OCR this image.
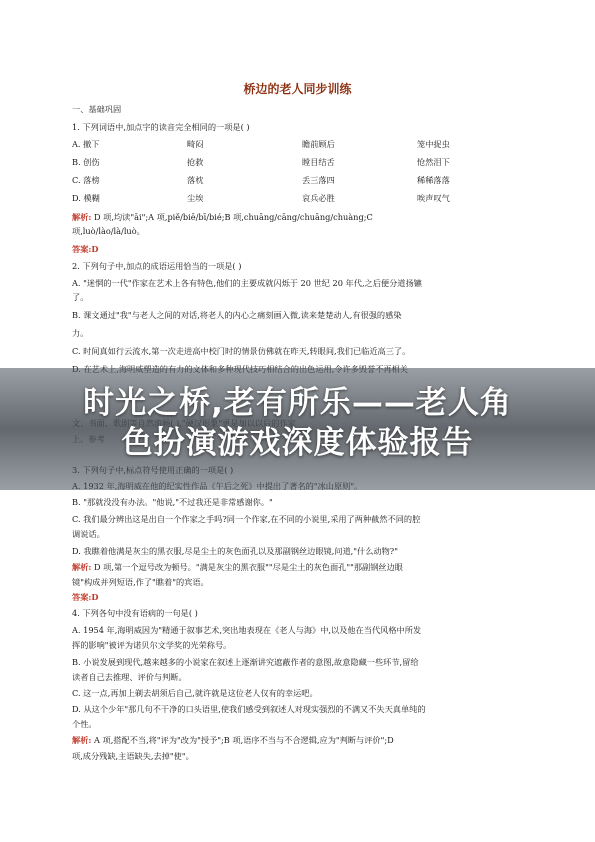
桥边的老人同步训练
一、基础巩固
1. 下列词语中,加点字的读音完全相同的一项是( )
A. 撤下	畸闷	瞻前顾后	笼中捉虫
B. 创伤	抢救	瞠目结舌	怆然泪下
C. 落榜	落枕	丢三落四	稀稀落落
D. 模糊	尘埃	哀兵必胜	唉声叹气
解析: D 项,均读"āi";A 项,piě/biē/bī/bié;B 项,chuāng/cāng/chuāng/chuàng;C
项,luò/lào/là/luò。
答案:D
2. 下列句子中,加点的成语运用恰当的一项是( )
A. "迷惘的一代"作家在艺术上各有特色,他们的主要成就闪烁于 20 世纪 20 年代,之后便分道扬镳
了。
B. 课文通过"我"与老人之间的对话,将老人的内心之痛刻画入微,读来楚楚动人,有很强的感染
力。
C. 时间真如行云流水,第一次走进高中校门时的情景仿佛就在昨天,转眼间,我们已临近高三了。
B. "那就没没有办法。"他说,"不过我还是非常感谢你。"
C. 我们最分辨出这是出自一个作家之手吗?同一个作家,在不同的小说里,采用了两种截然不同的腔
调说话。
D. 我瞧着他满是灰尘的黑衣服,尽是尘土的灰色面孔以及那副钢丝边眼镜,问道,"什么动物?"
解析: D 项,第一个逗号改为顿号。"满是灰尘的黑衣服""尽是尘土的灰色面孔""那副钢丝边眼
镜"构成并列短语,作了"瞧着"的宾语。
答案:D
4. 下列各句中没有语病的一句是( )
A. 1954 年,海明威因为"精通于叙事艺术,突出地表现在《老人与海》中,以及他在当代风格中所发
挥的影响"被评为诺贝尔文学奖的光荣称号。
B. 小说发展到现代,越来越多的小说家在叙述上逐渐讲究遮蔽作者的意图,故意隐藏一些环节,留给
读者自己去推理、评价与判断。
C. 这一点,再加上剃去胡须后自己,就许就是这位老人仅有的幸运吧。
D. 从这个少年"那几句不干净的口头语里,使我们感受到叙述人对现实强烈的不满又不失天真单纯的
个性。
解析: A 项,搭配不当,将"评为"改为"授予";B 项,语序不当与不合逻辑,应为"判断与评价";D
项,成分残缺,主语缺失,去掉"使"。
时光之桥,老有所乐——老人角
色扮演游戏深度体验报告
